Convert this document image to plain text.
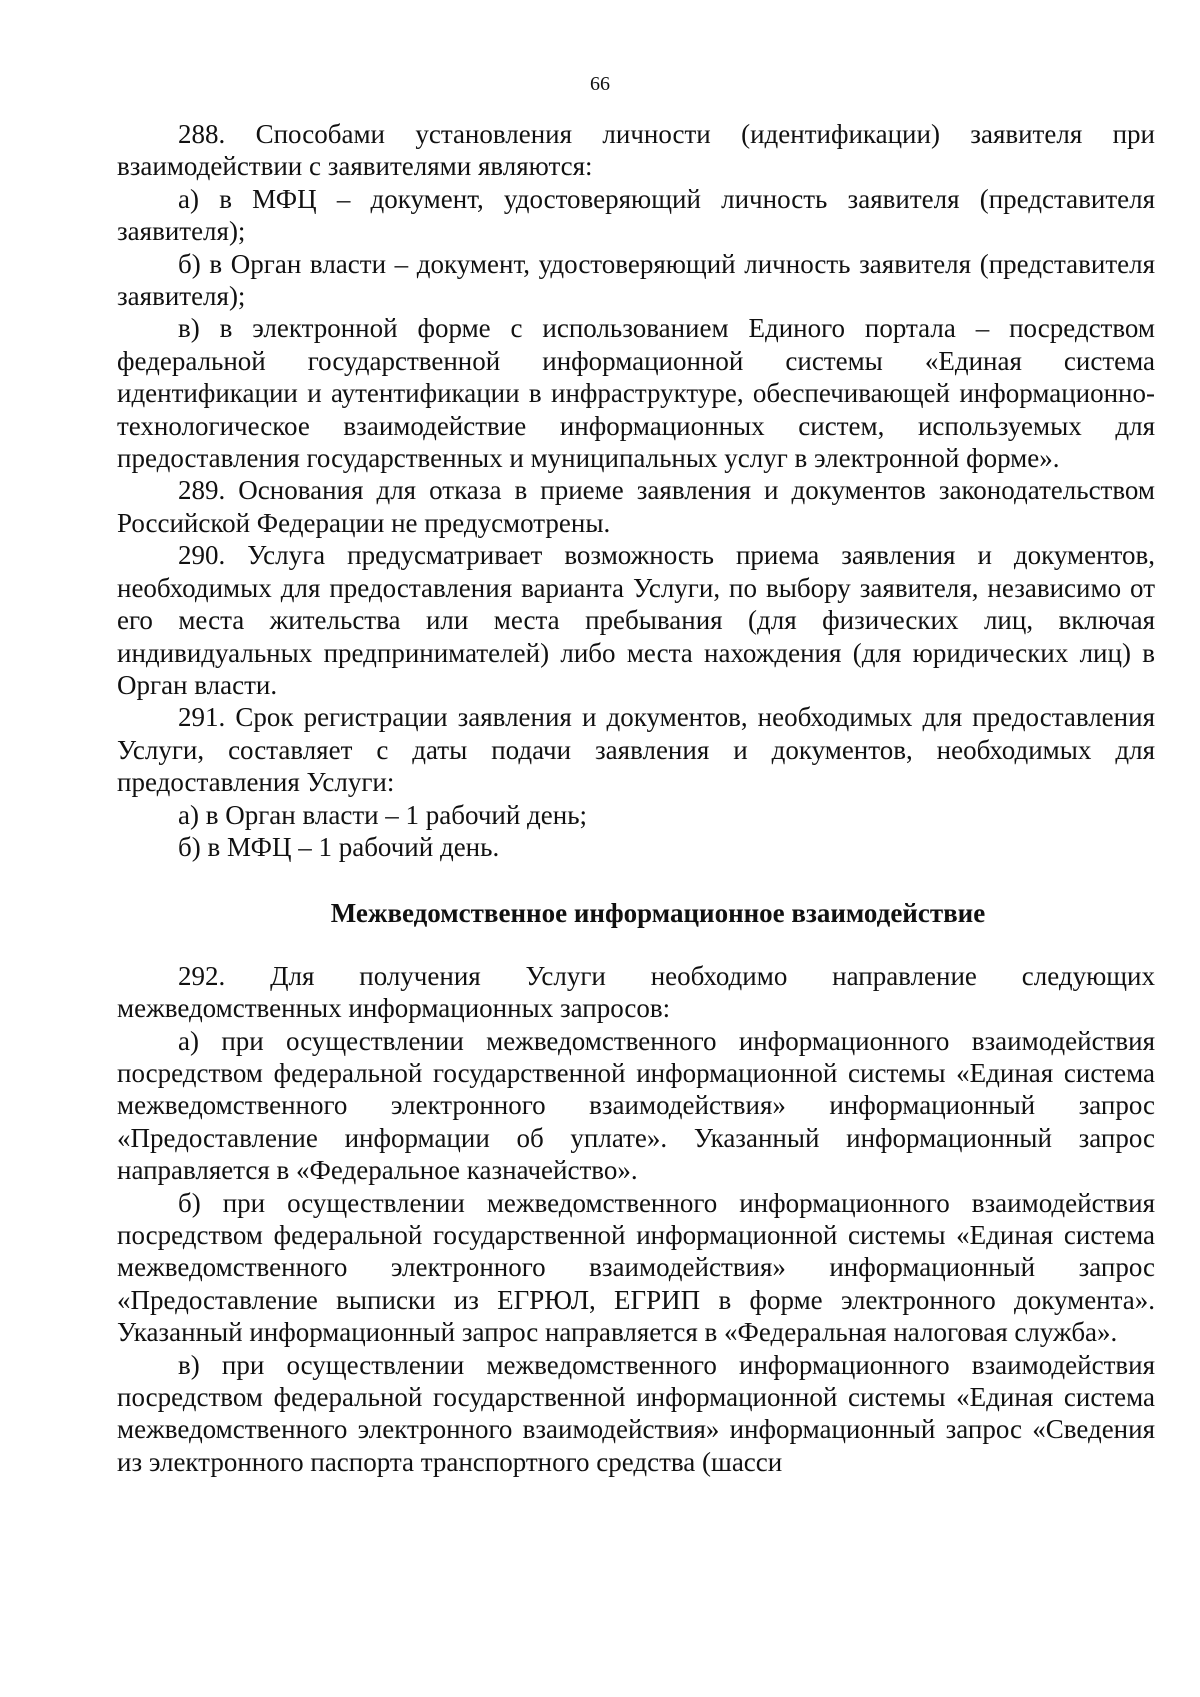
66

288. Способами установления личности (идентификации) заявителя при взаимодействии с заявителями являются:

а) в МФЦ – документ, удостоверяющий личность заявителя (представителя заявителя);

б) в Орган власти – документ, удостоверяющий личность заявителя (представителя заявителя);

в) в электронной форме с использованием Единого портала – посредством федеральной государственной информационной системы «Единая система идентификации и аутентификации в инфраструктуре, обеспечивающей информационно-технологическое взаимодействие информационных систем, используемых для предоставления государственных и муниципальных услуг в электронной форме».

289. Основания для отказа в приеме заявления и документов законодательством Российской Федерации не предусмотрены.

290. Услуга предусматривает возможность приема заявления и документов, необходимых для предоставления варианта Услуги, по выбору заявителя, независимо от его места жительства или места пребывания (для физических лиц, включая индивидуальных предпринимателей) либо места нахождения (для юридических лиц) в Орган власти.

291. Срок регистрации заявления и документов, необходимых для предоставления Услуги, составляет с даты подачи заявления и документов, необходимых для предоставления Услуги:

а) в Орган власти – 1 рабочий день;

б) в МФЦ – 1 рабочий день.

Межведомственное информационное взаимодействие

292. Для получения Услуги необходимо направление следующих межведомственных информационных запросов:

а) при осуществлении межведомственного информационного взаимодействия посредством федеральной государственной информационной системы «Единая система межведомственного электронного взаимодействия» информационный запрос «Предоставление информации об уплате». Указанный информационный запрос направляется в «Федеральное казначейство».

б) при осуществлении межведомственного информационного взаимодействия посредством федеральной государственной информационной системы «Единая система межведомственного электронного взаимодействия» информационный запрос «Предоставление выписки из ЕГРЮЛ, ЕГРИП в форме электронного документа». Указанный информационный запрос направляется в «Федеральная налоговая служба».

в) при осуществлении межведомственного информационного взаимодействия посредством федеральной государственной информационной системы «Единая система межведомственного электронного взаимодействия» информационный запрос «Сведения из электронного паспорта транспортного средства (шасси
